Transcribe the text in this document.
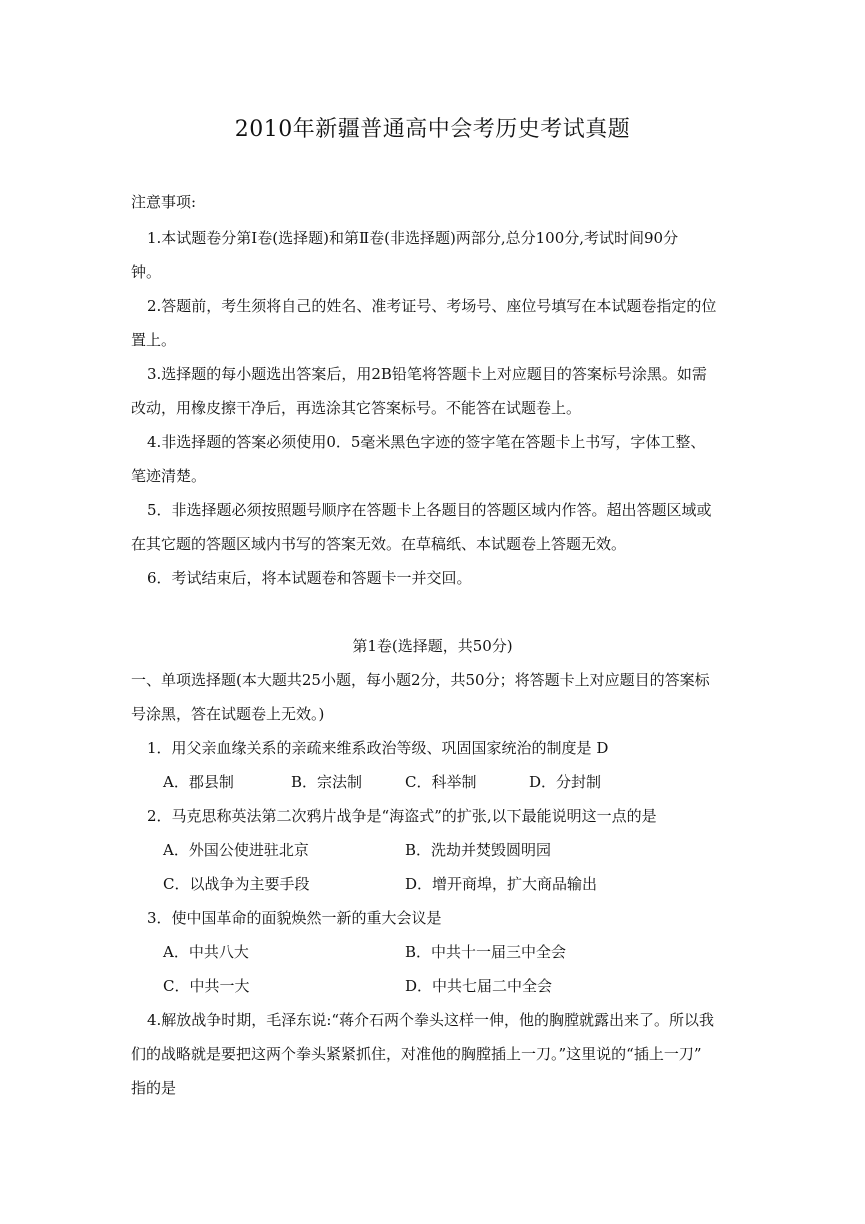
2010年新疆普通高中会考历史考试真题
注意事项:
1.本试题卷分第Ⅰ卷(选择题)和第Ⅱ卷(非选择题)两部分,总分100分,考试时间90分
钟。
2.答题前，考生须将自己的姓名、准考证号、考场号、座位号填写在本试题卷指定的位
置上。
3.选择题的每小题选出答案后，用2B铅笔将答题卡上对应题目的答案标号涂黑。如需
改动，用橡皮擦干净后，再选涂其它答案标号。不能答在试题卷上。
4.非选择题的答案必须使用0．5毫米黑色字迹的签字笔在答题卡上书写，字体工整、
笔迹清楚。
5．非选择题必须按照题号顺序在答题卡上各题目的答题区域内作答。超出答题区域或
在其它题的答题区域内书写的答案无效。在草稿纸、本试题卷上答题无效。
6．考试结束后，将本试题卷和答题卡一并交回。
第1卷(选择题，共50分)
一、单项选择题(本大题共25小题，每小题2分，共50分；将答题卡上对应题目的答案标
号涂黑，答在试题卷上无效。)
1．用父亲血缘关系的亲疏来维系政治等级、巩固国家统治的制度是 D
A．郡县制	B．宗法制	C．科举制	D．分封制
2．马克思称英法第二次鸦片战争是“海盗式”的扩张,以下最能说明这一点的是
A．外国公使进驻北京	B．洗劫并焚毁圆明园
C．以战争为主要手段	D．增开商埠，扩大商品输出
3．使中国革命的面貌焕然一新的重大会议是
A．中共八大	B．中共十一届三中全会
C．中共一大	D．中共七届二中全会
4.解放战争时期，毛泽东说:“蒋介石两个拳头这样一伸，他的胸膛就露出来了。所以我
们的战略就是要把这两个拳头紧紧抓住，对准他的胸膛插上一刀。”这里说的“插上一刀”
指的是
